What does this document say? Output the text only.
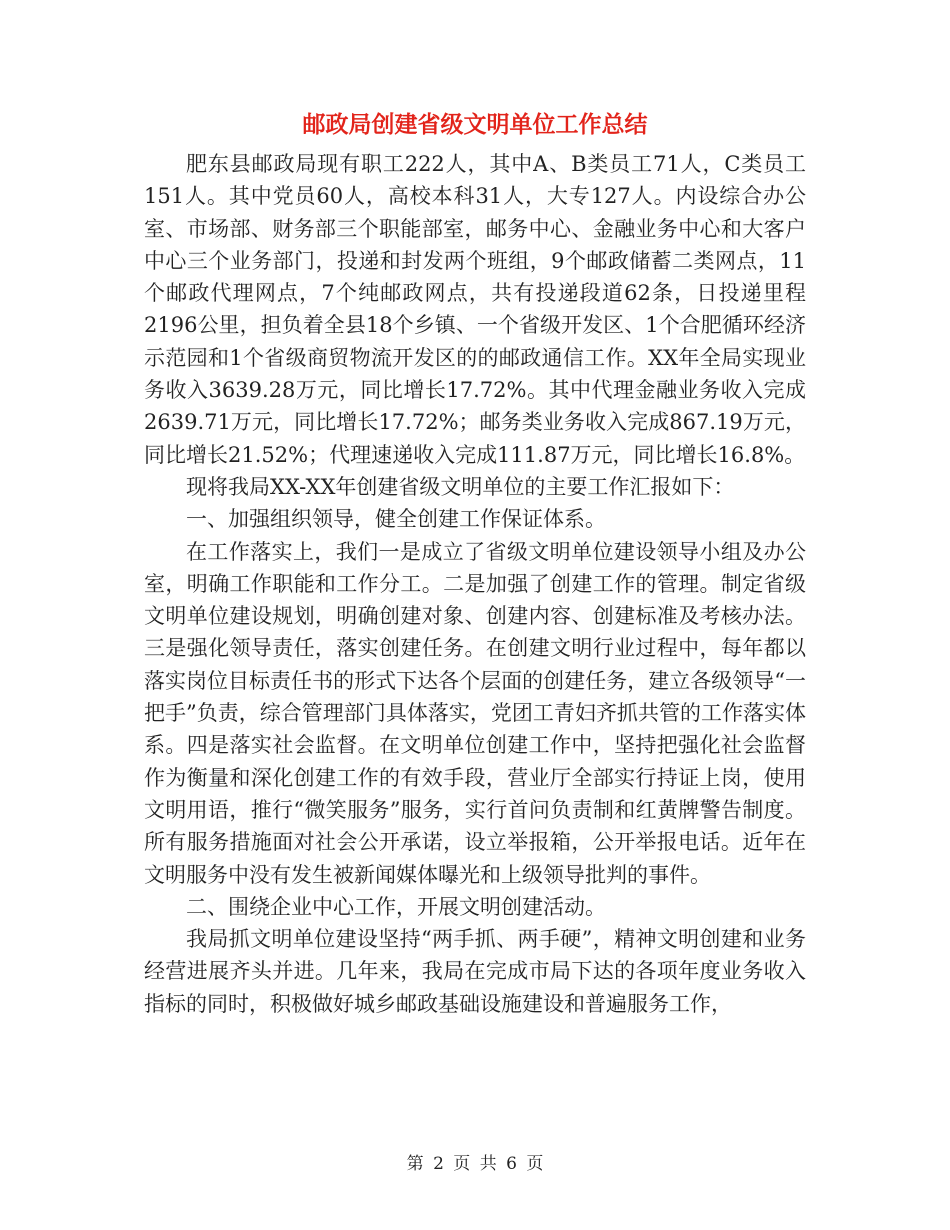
邮政局创建省级文明单位工作总结

肥东县邮政局现有职工222人，其中A、B类员工71人，C类员工151人。其中党员60人，高校本科31人，大专127人。内设综合办公室、市场部、财务部三个职能部室，邮务中心、金融业务中心和大客户中心三个业务部门，投递和封发两个班组，9个邮政储蓄二类网点，11个邮政代理网点，7个纯邮政网点，共有投递段道62条，日投递里程2196公里，担负着全县18个乡镇、一个省级开发区、1个合肥循环经济示范园和1个省级商贸物流开发区的的邮政通信工作。XX年全局实现业务收入3639.28万元，同比增长17.72%。其中代理金融业务收入完成2639.71万元，同比增长17.72%；邮务类业务收入完成867.19万元，同比增长21.52%；代理速递收入完成111.87万元，同比增长16.8%。

现将我局XX-XX年创建省级文明单位的主要工作汇报如下：

一、加强组织领导，健全创建工作保证体系。

在工作落实上，我们一是成立了省级文明单位建设领导小组及办公室，明确工作职能和工作分工。二是加强了创建工作的管理。制定省级文明单位建设规划，明确创建对象、创建内容、创建标准及考核办法。三是强化领导责任，落实创建任务。在创建文明行业过程中，每年都以落实岗位目标责任书的形式下达各个层面的创建任务，建立各级领导“一把手”负责，综合管理部门具体落实，党团工青妇齐抓共管的工作落实体系。四是落实社会监督。在文明单位创建工作中，坚持把强化社会监督作为衡量和深化创建工作的有效手段，营业厅全部实行持证上岗，使用文明用语，推行“微笑服务”服务，实行首问负责制和红黄牌警告制度。所有服务措施面对社会公开承诺，设立举报箱，公开举报电话。近年在文明服务中没有发生被新闻媒体曝光和上级领导批判的事件。

二、围绕企业中心工作，开展文明创建活动。

我局抓文明单位建设坚持“两手抓、两手硬”，精神文明创建和业务经营进展齐头并进。几年来，我局在完成市局下达的各项年度业务收入指标的同时，积极做好城乡邮政基础设施建设和普遍服务工作，

第 2 页 共 6 页
